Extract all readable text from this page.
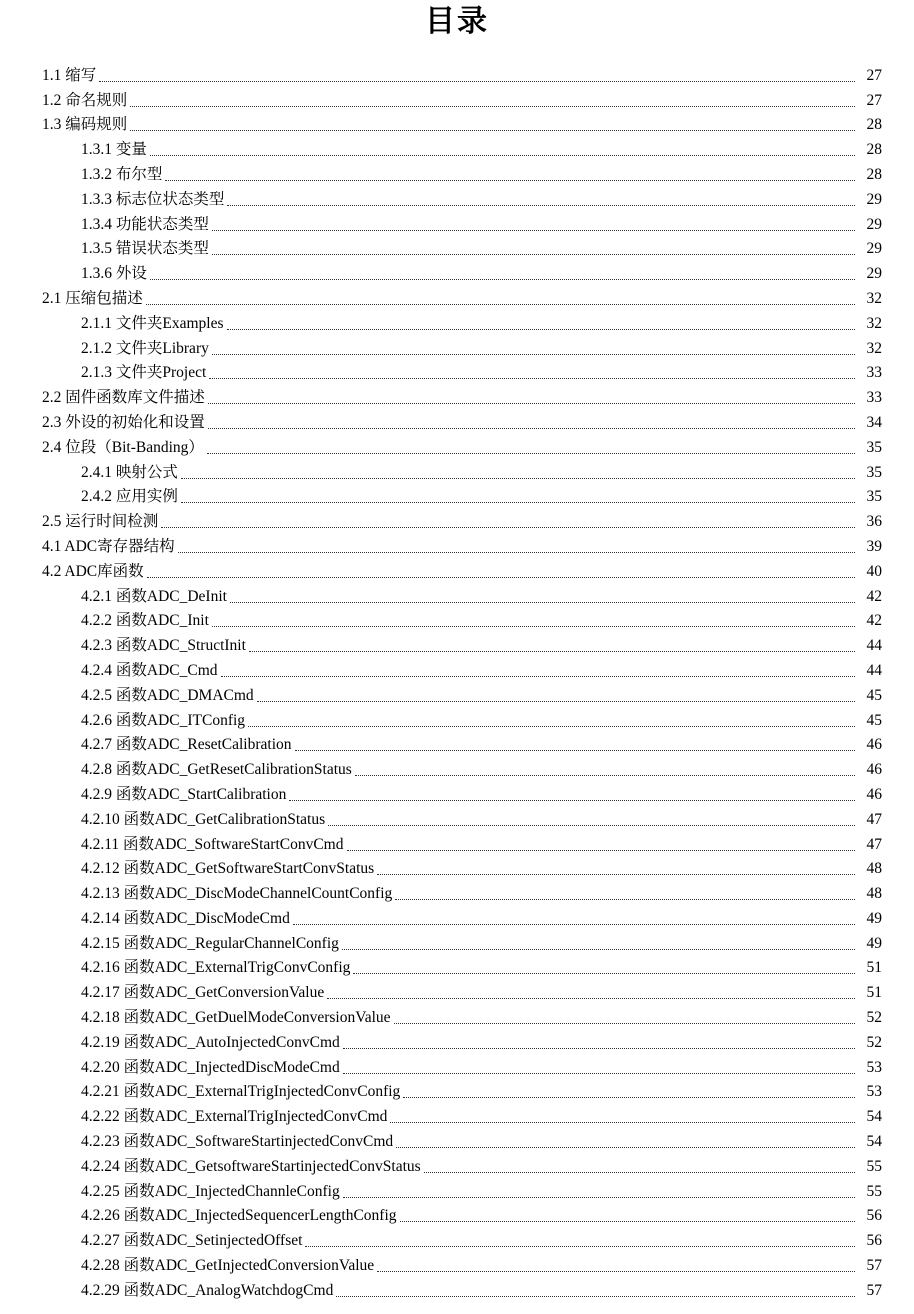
目录
1.1 缩写	27
1.2 命名规则	27
1.3 编码规则	28
1.3.1 变量	28
1.3.2 布尔型	28
1.3.3 标志位状态类型	29
1.3.4 功能状态类型	29
1.3.5 错误状态类型	29
1.3.6 外设	29
2.1 压缩包描述	32
2.1.1 文件夹Examples	32
2.1.2 文件夹Library	32
2.1.3 文件夹Project	33
2.2 固件函数库文件描述	33
2.3 外设的初始化和设置	34
2.4 位段（Bit-Banding）	35
2.4.1 映射公式	35
2.4.2 应用实例	35
2.5 运行时间检测	36
4.1 ADC寄存器结构	39
4.2 ADC库函数	40
4.2.1 函数ADC_DeInit	42
4.2.2 函数ADC_Init	42
4.2.3 函数ADC_StructInit	44
4.2.4 函数ADC_Cmd	44
4.2.5 函数ADC_DMACmd	45
4.2.6 函数ADC_ITConfig	45
4.2.7 函数ADC_ResetCalibration	46
4.2.8 函数ADC_GetResetCalibrationStatus	46
4.2.9 函数ADC_StartCalibration	46
4.2.10 函数ADC_GetCalibrationStatus	47
4.2.11 函数ADC_SoftwareStartConvCmd	47
4.2.12 函数ADC_GetSoftwareStartConvStatus	48
4.2.13 函数ADC_DiscModeChannelCountConfig	48
4.2.14 函数ADC_DiscModeCmd	49
4.2.15 函数ADC_RegularChannelConfig	49
4.2.16 函数ADC_ExternalTrigConvConfig	51
4.2.17 函数ADC_GetConversionValue	51
4.2.18 函数ADC_GetDuelModeConversionValue	52
4.2.19 函数ADC_AutoInjectedConvCmd	52
4.2.20 函数ADC_InjectedDiscModeCmd	53
4.2.21 函数ADC_ExternalTrigInjectedConvConfig	53
4.2.22 函数ADC_ExternalTrigInjectedConvCmd	54
4.2.23 函数ADC_SoftwareStartinjectedConvCmd	54
4.2.24 函数ADC_GetsoftwareStartinjectedConvStatus	55
4.2.25 函数ADC_InjectedChannleConfig	55
4.2.26 函数ADC_InjectedSequencerLengthConfig	56
4.2.27 函数ADC_SetinjectedOffset	56
4.2.28 函数ADC_GetInjectedConversionValue	57
4.2.29 函数ADC_AnalogWatchdogCmd	57
